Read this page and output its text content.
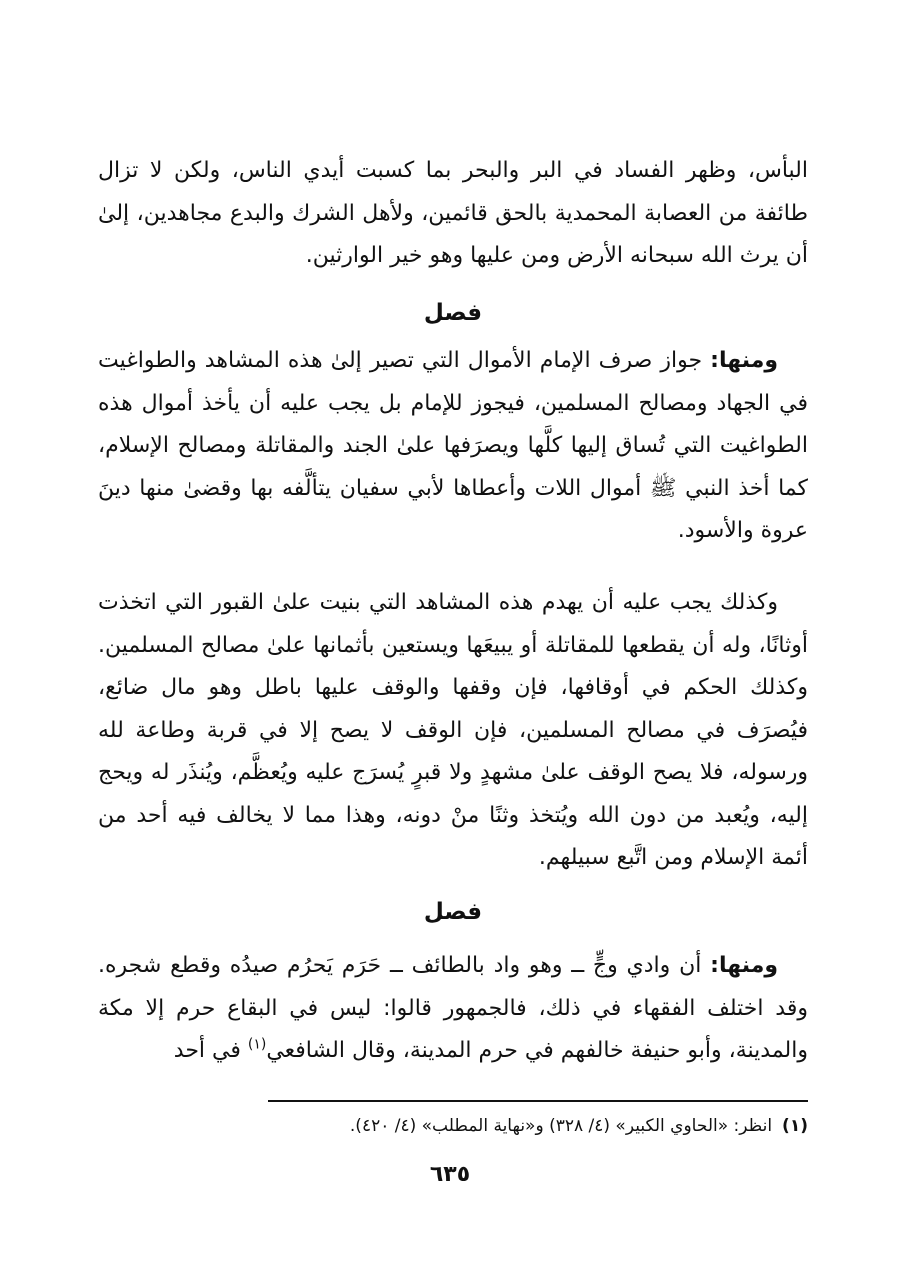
البأس، وظهر الفساد في البر والبحر بما كسبت أيدي الناس، ولكن لا تزال طائفة من العصابة المحمدية بالحق قائمين، ولأهل الشرك والبدع مجاهدين، إلىٰ أن يرث الله سبحانه الأرض ومن عليها وهو خير الوارثين.

فصل

ومنها: جواز صرف الإمام الأموال التي تصير إلىٰ هذه المشاهد والطواغيت في الجهاد ومصالح المسلمين، فيجوز للإمام بل يجب عليه أن يأخذ أموال هذه الطواغيت التي تُساق إليها كلَّها ويصرَفها علىٰ الجند والمقاتلة ومصالح الإسلام، كما أخذ النبي ﷺ أموال اللات وأعطاها لأبي سفيان يتألَّفه بها وقضىٰ منها دينَ عروة والأسود.

وكذلك يجب عليه أن يهدم هذه المشاهد التي بنيت علىٰ القبور التي اتخذت أوثانًا، وله أن يقطعها للمقاتلة أو يبيعَها ويستعين بأثمانها علىٰ مصالح المسلمين. وكذلك الحكم في أوقافها، فإن وقفها والوقف عليها باطل وهو مال ضائع، فيُصرَف في مصالح المسلمين، فإن الوقف لا يصح إلا في قربة وطاعة لله ورسوله، فلا يصح الوقف علىٰ مشهدٍ ولا قبرٍ يُسرَج عليه ويُعظَّم، ويُنذَر له ويحج إليه، ويُعبد من دون الله ويُتخذ وثنًا منْ دونه، وهذا مما لا يخالف فيه أحد من أئمة الإسلام ومن اتَّبع سبيلهم.

فصل

ومنها: أن وادي وجٍّ ــ وهو واد بالطائف ــ حَرَم يَحرُم صيدُه وقطع شجره. وقد اختلف الفقهاء في ذلك، فالجمهور قالوا: ليس في البقاع حرم إلا مكة والمدينة، وأبو حنيفة خالفهم في حرم المدينة، وقال الشافعي$^{(١)}$ في أحد

(١)انظر: «الحاوي الكبير» (٤/ ٣٢٨) و«نهاية المطلب» (٤/ ٤٢٠).

٦٣٥
